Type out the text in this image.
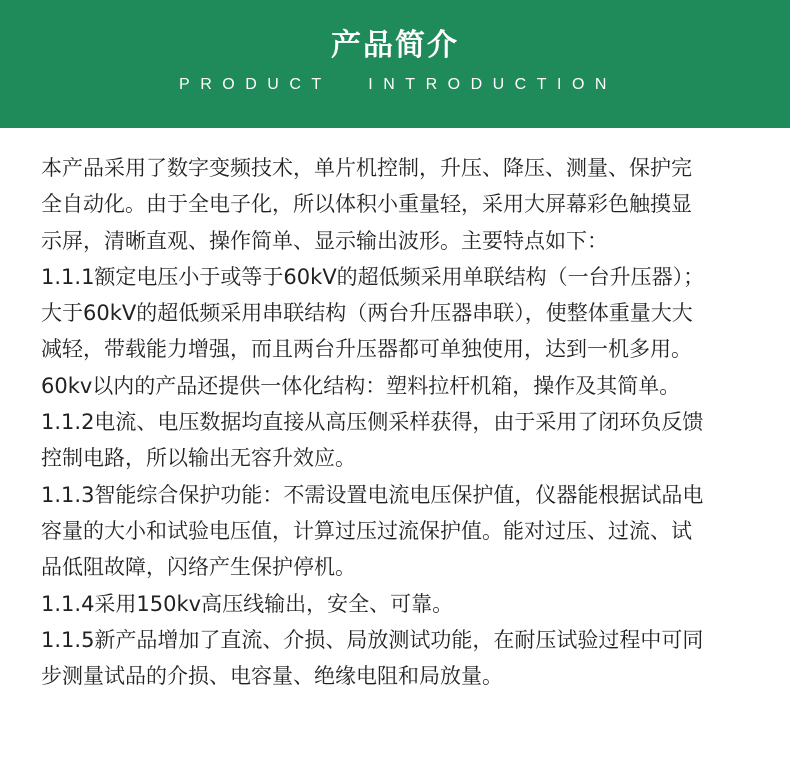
产品简介
PRODUCT INTRODUCTION
本产品采用了数字变频技术，单片机控制，升压、降压、测量、保护完
全自动化。由于全电子化，所以体积小重量轻，采用大屏幕彩色触摸显
示屏，清晰直观、操作简单、显示输出波形。主要特点如下：
1.1.1额定电压小于或等于60kV的超低频采用单联结构（一台升压器）；
大于60kV的超低频采用串联结构（两台升压器串联），使整体重量大大
减轻，带载能力增强，而且两台升压器都可单独使用，达到一机多用。
60kv以内的产品还提供一体化结构：塑料拉杆机箱，操作及其简单。
1.1.2电流、电压数据均直接从高压侧采样获得，由于采用了闭环负反馈
控制电路，所以输出无容升效应。
1.1.3智能综合保护功能：不需设置电流电压保护值，仪器能根据试品电
容量的大小和试验电压值，计算过压过流保护值。能对过压、过流、试
品低阻故障，闪络产生保护停机。
1.1.4采用150kv高压线输出，安全、可靠。
1.1.5新产品增加了直流、介损、局放测试功能，在耐压试验过程中可同
步测量试品的介损、电容量、绝缘电阻和局放量。
